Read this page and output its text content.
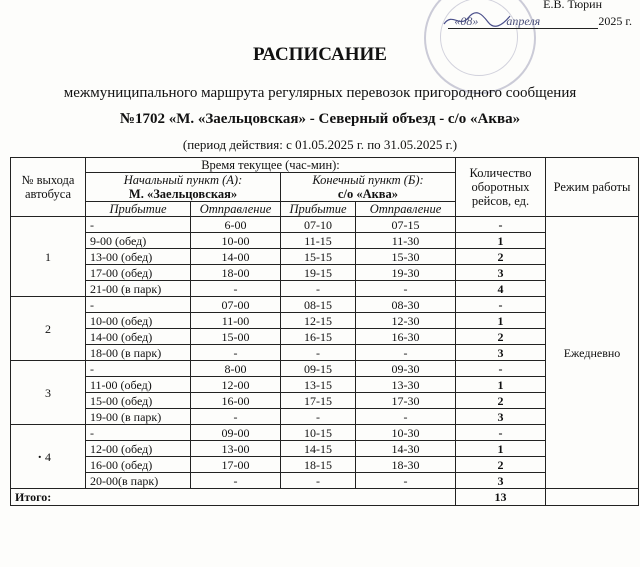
Е.В. Тюрин
«08» апреля	2025 г.
РАСПИСАНИЕ
межмуниципального маршрута регулярных перевозок пригородного сообщения
№1702 «М. «Заельцовская» - Северный объезд - с/о «Аква»
(период действия: с 01.05.2025 г. по 31.05.2025 г.)
№ выхода автобуса	Время текущее (час-мин):				Количество оборотных рейсов, ед.	Режим работы
	Начальный пункт (А):
М. «Заельцовская»		Конечный пункт (Б):
с/о «Аква»			
	Прибытие	Отправление	Прибытие	Отправление		
1	-	6-00	07-10	07-15	-	Ежедневно
	9-00 (обед)	10-00	11-15	11-30	1	
	13-00 (обед)	14-00	15-15	15-30	2	
	17-00 (обед)	18-00	19-15	19-30	3	
	21-00 (в парк)	-	-	-	4	
2	-	07-00	08-15	08-30	-	
	10-00 (обед)	11-00	12-15	12-30	1	
	14-00 (обед)	15-00	16-15	16-30	2	
	18-00 (в парк)	-	-	-	3	
3	-	8-00	09-15	09-30	-	
	11-00 (обед)	12-00	13-15	13-30	1	
	15-00 (обед)	16-00	17-15	17-30	2	
	19-00 (в парк)	-	-	-	3	
4	-	09-00	10-15	10-30	-	
	12-00 (обед)	13-00	14-15	14-30	1	
	16-00 (обед)	17-00	18-15	18-30	2	
	20-00(в парк)	-	-	-	3	
Итого:					13	
.
